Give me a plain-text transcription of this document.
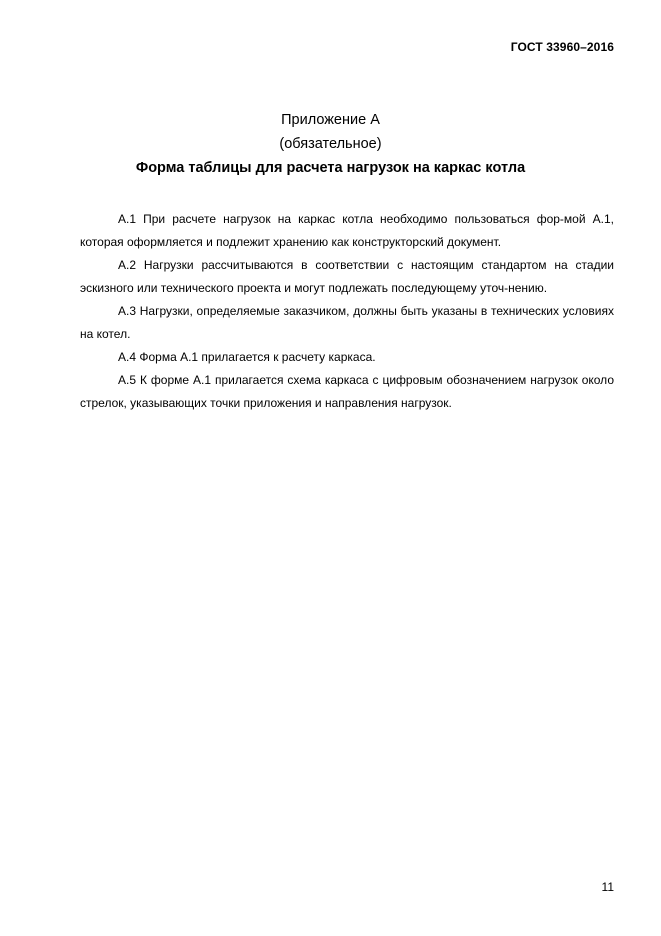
ГОСТ 33960–2016
Приложение А
(обязательное)
Форма таблицы для расчета нагрузок на каркас котла

А.1 При расчете нагрузок на каркас котла необходимо пользоваться фор-мой А.1, которая оформляется и подлежит хранению как конструкторский документ.

А.2 Нагрузки рассчитываются в соответствии с настоящим стандартом на стадии эскизного или технического проекта и могут подлежать последующему уточ-нению.

А.3 Нагрузки, определяемые заказчиком, должны быть указаны в технических условиях на котел.

А.4 Форма А.1 прилагается к расчету каркаса.

А.5 К форме А.1 прилагается схема каркаса с цифровым обозначением нагрузок около стрелок, указывающих точки приложения и направления нагрузок.

11
